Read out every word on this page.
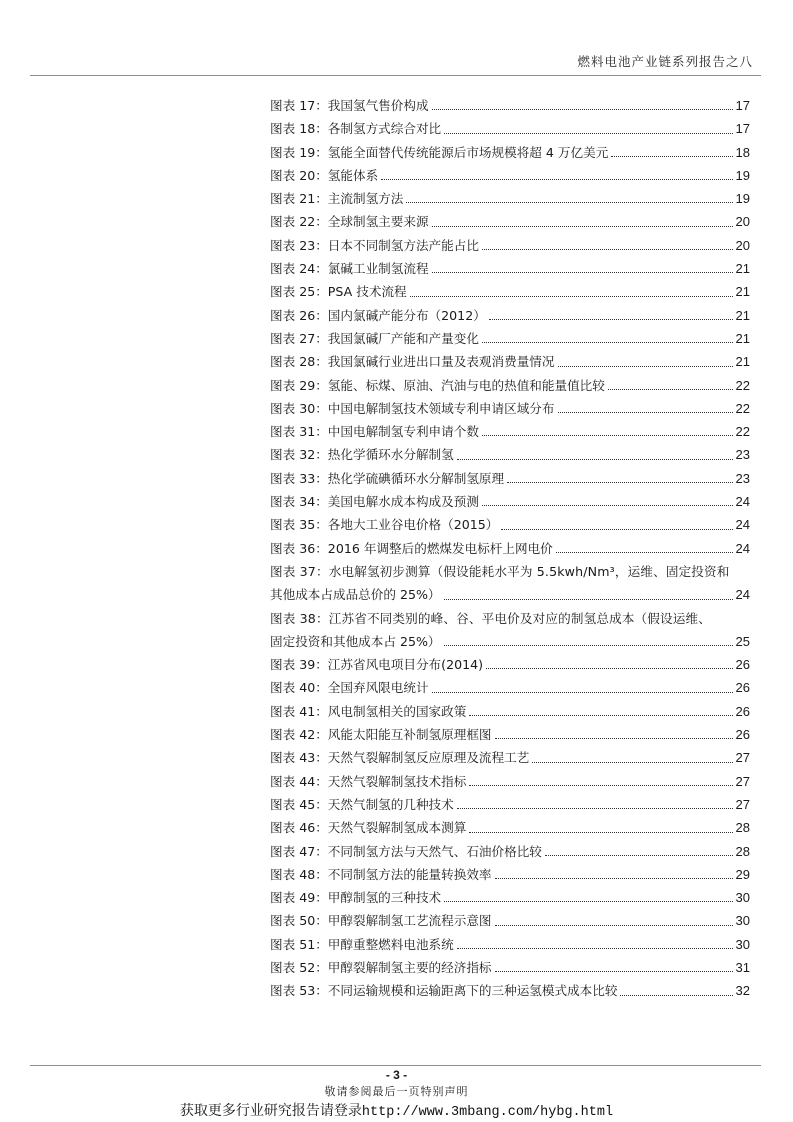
燃料电池产业链系列报告之八
图表 17：我国氢气售价构成	17
图表 18：各制氢方式综合对比	17
图表 19：氢能全面替代传统能源后市场规模将超 4 万亿美元	18
图表 20：氢能体系	19
图表 21：主流制氢方法	19
图表 22：全球制氢主要来源	20
图表 23：日本不同制氢方法产能占比	20
图表 24：氯碱工业制氢流程	21
图表 25：PSA 技术流程	21
图表 26：国内氯碱产能分布（2012）	21
图表 27：我国氯碱厂产能和产量变化	21
图表 28：我国氯碱行业进出口量及表观消费量情况	21
图表 29：氢能、标煤、原油、汽油与电的热值和能量值比较	22
图表 30：中国电解制氢技术领域专利申请区域分布	22
图表 31：中国电解制氢专利申请个数	22
图表 32：热化学循环水分解制氢	23
图表 33：热化学硫碘循环水分解制氢原理	23
图表 34：美国电解水成本构成及预测	24
图表 35：各地大工业谷电价格（2015）	24
图表 36：2016 年调整后的燃煤发电标杆上网电价	24
图表 37：水电解氢初步测算（假设能耗水平为 5.5kwh/Nm³，运维、固定投资和
其他成本占成品总价的 25%）	24
图表 38：江苏省不同类别的峰、谷、平电价及对应的制氢总成本（假设运维、
固定投资和其他成本占 25%）	25
图表 39：江苏省风电项目分布(2014)	26
图表 40：全国弃风限电统计	26
图表 41：风电制氢相关的国家政策	26
图表 42：风能太阳能互补制氢原理框图	26
图表 43：天然气裂解制氢反应原理及流程工艺	27
图表 44：天然气裂解制氢技术指标	27
图表 45：天然气制氢的几种技术	27
图表 46：天然气裂解制氢成本测算	28
图表 47：不同制氢方法与天然气、石油价格比较	28
图表 48：不同制氢方法的能量转换效率	29
图表 49：甲醇制氢的三种技术	30
图表 50：甲醇裂解制氢工艺流程示意图	30
图表 51：甲醇重整燃料电池系统	30
图表 52：甲醇裂解制氢主要的经济指标	31
图表 53：不同运输规模和运输距离下的三种运氢模式成本比较	32
- 3 -
敬请参阅最后一页特别声明
获取更多行业研究报告请登录http://www.3mbang.com/hybg.html
